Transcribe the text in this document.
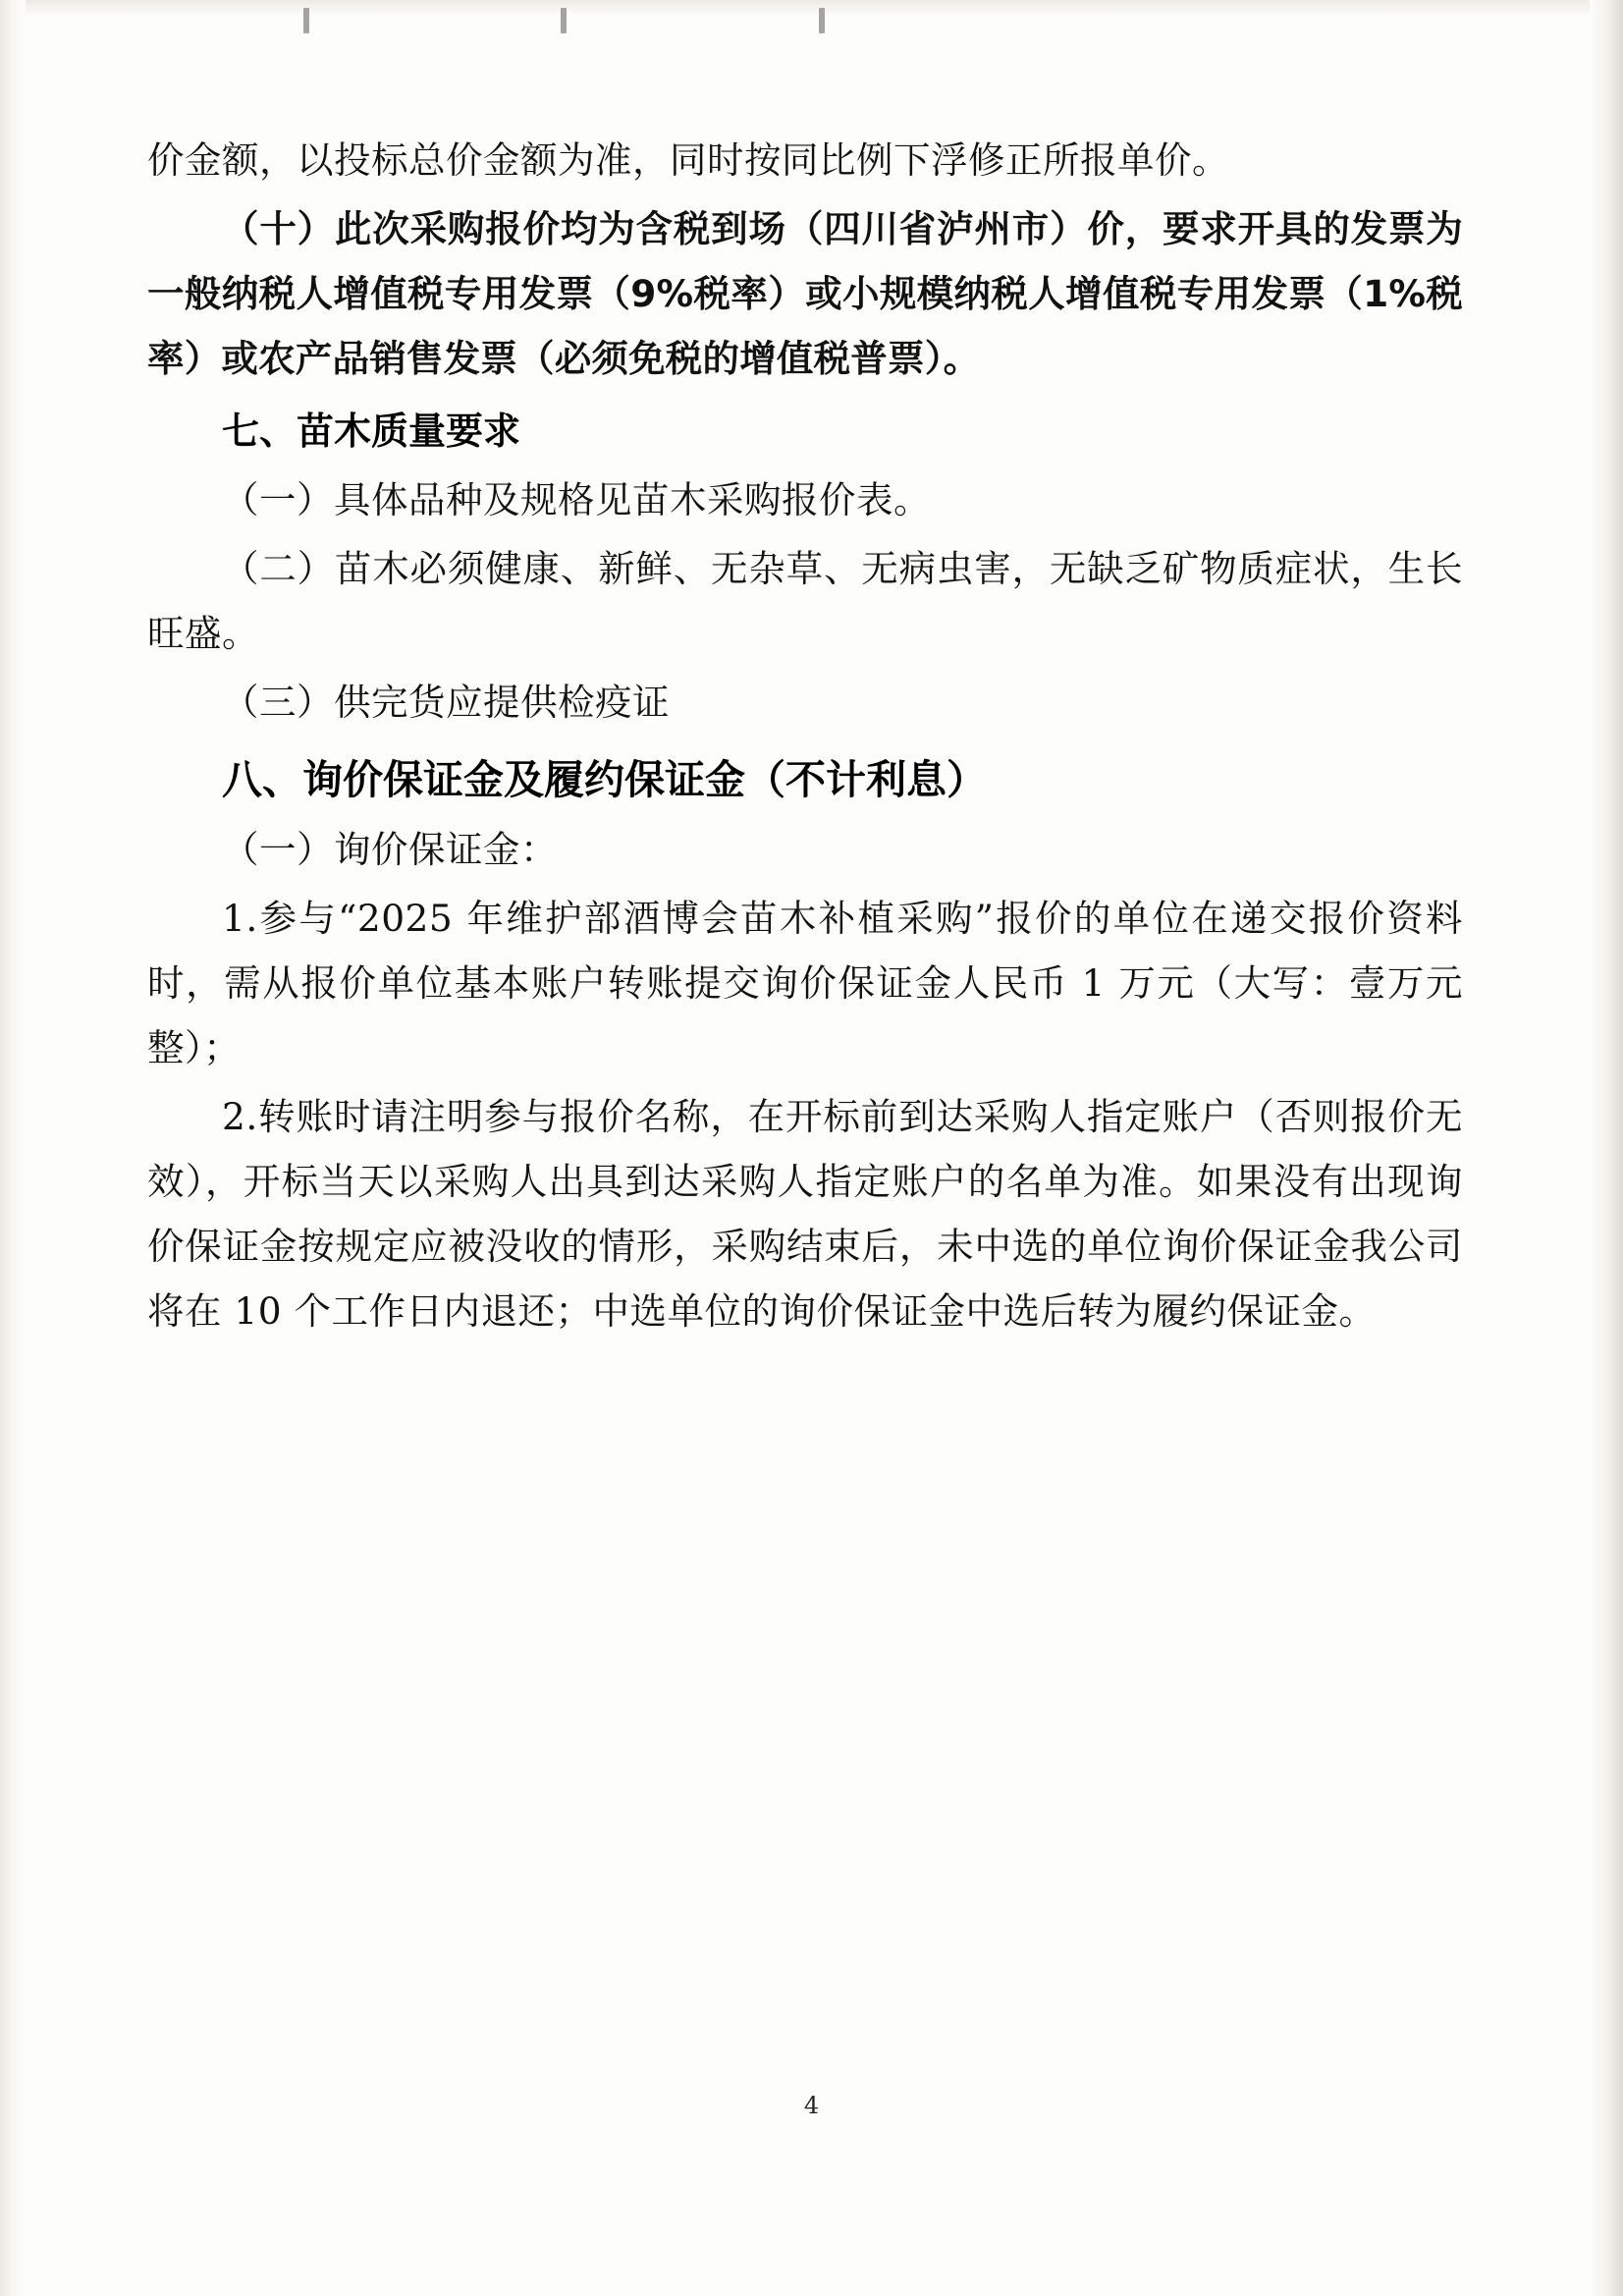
价金额，以投标总价金额为准，同时按同比例下浮修正所报单价。

（十）此次采购报价均为含税到场（四川省泸州市）价，要求开具的发票为一般纳税人增值税专用发票（9%税率）或小规模纳税人增值税专用发票（1%税率）或农产品销售发票（必须免税的增值税普票）。

七、苗木质量要求

（一）具体品种及规格见苗木采购报价表。

（二）苗木必须健康、新鲜、无杂草、无病虫害，无缺乏矿物质症状，生长旺盛。

（三）供完货应提供检疫证

八、询价保证金及履约保证金（不计利息）

（一）询价保证金：

1.参与“2025 年维护部酒博会苗木补植采购”报价的单位在递交报价资料时，需从报价单位基本账户转账提交询价保证金人民币 1 万元（大写：壹万元整）；

2.转账时请注明参与报价名称，在开标前到达采购人指定账户（否则报价无效），开标当天以采购人出具到达采购人指定账户的名单为准。如果没有出现询价保证金按规定应被没收的情形，采购结束后，未中选的单位询价保证金我公司将在 10 个工作日内退还；中选单位的询价保证金中选后转为履约保证金。

4
